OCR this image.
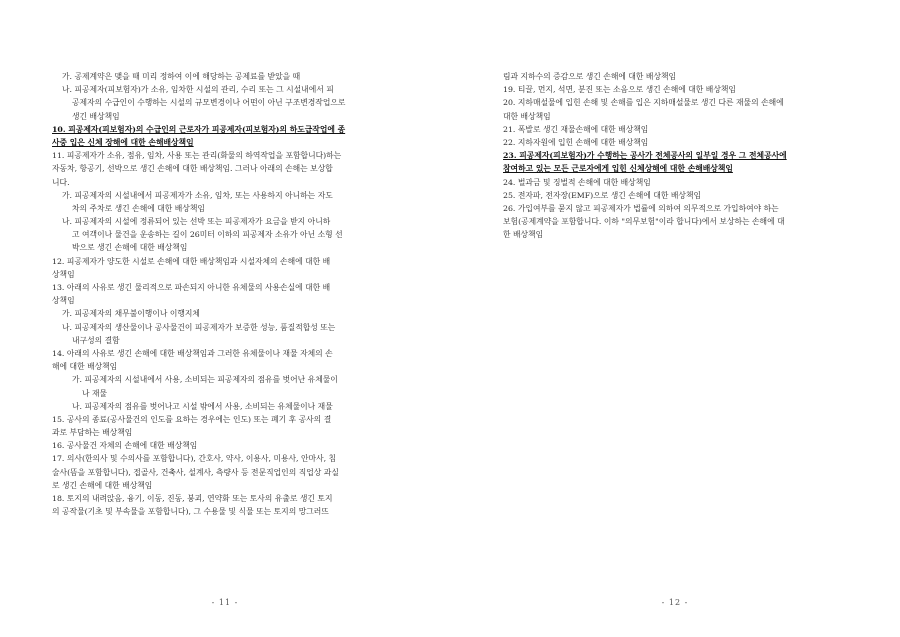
가. 공제계약은 맺을 때 미리 정하여 이에 해당하는 공제료를 받았을 때
나. 피공제자(피보험자)가 소유, 임차한 시설의 관리, 수리 또는 그 시설내에서 피
공제자의 수급인이 수행하는 시설의 규모변경이나 어떤이 아닌 구조변경작업으로
생긴 배상책임
10. 피공제자(피보험자)의 수급인의 근로자가 피공제자(피보험자)의 하도급작업에 종
사중 입은 신체 장해에 대한 손해배상책임
11. 피공제자가 소유, 점유, 임차, 사용 또는 관리(화물의 하역작업을 포함합니다)하는
자동차, 항공기, 선박으로 생긴 손해에 대한 배상책임. 그러나 아래의 손해는 보상합
니다.
가. 피공제자의 시설내에서 피공제자가 소유, 임차, 또는 사용하지 아니하는 자도
차의 주차로 생긴 손해에 대한 배상책임
나. 피공제자의 시설에 정류되어 있는 선박 또는 피공제자가 요금을 받지 아니하
고 여객이나 물건을 운송하는 길이 26미터 이하의 피공제자 소유가 아닌 소형 선
박으로 생긴 손해에 대한 배상책임
12. 피공제자가 양도한 시설로 손해에 대한 배상책임과 시설자체의 손해에 대한 배
상책임
13. 아래의 사유로 생긴 물리적으로 파손되지 아니한 유체물의 사용손실에 대한 배
상책임
가. 피공제자의 채무불이행이나 이행지체
나. 피공제자의 생산물이나 공사물건이 피공제자가 보증한 성능, 품질적합성 또는
내구성의 결함
14. 아래의 사유로 생긴 손해에 대한 배상책임과 그러한 유체물이나 재물 자체의 손
해에 대한 배상책임
가. 피공제자의 시설내에서 사용, 소비되는 피공제자의 점유를 벗어난 유체물이
나 재물
나. 피공제자의 점유를 벗어나고 시설 밖에서 사용, 소비되는 유체물이나 재물
15. 공사의 종료(공사물건의 인도를 요하는 경우에는 인도) 또는 폐기 후 공사의 결
과로 부담하는 배상책임
16. 공사물건 자체의 손해에 대한 배상책임
17. 의사(한의사 및 수의사를 포함합니다), 간호사, 약사, 이용사, 미용사, 안마사, 침
술사(뜸을 포함합니다), 접골사, 건축사, 설계사, 측량사 등 전문직업인의 직업상 과실
로 생긴 손해에 대한 배상책임
18. 토지의 내려앉음, 융기, 이동, 진동, 붕괴, 연약화 또는 토사의 유출로 생긴 토지
의 공작물(기초 및 부속물을 포함합니다), 그 수용물 및 식물 또는 토지의 망그러뜨
- 11 -
림과 지하수의 증감으로 생긴 손해에 대한 배상책임
19. 티끌, 먼지, 석면, 분진 또는 소음으로 생긴 손해에 대한 배상책임
20. 지하매설물에 입힌 손해 및 손해를 입은 지하매설물로 생긴 다른 재물의 손해에
대한 배상책임
21. 폭발로 생긴 재물손해에 대한 배상책임
22. 지하자원에 입힌 손해에 대한 배상책임
23. 피공제자(피보험자)가 수행하는 공사가 전체공사의 일부일 경우 그 전체공사에
참여하고 있는 모든 근로자에게 입힌 신체상해에 대한 손해배상책임
24. 벌과금 및 징벌적 손해에 대한 배상책임
25. 전자파, 전자장(EMF)으로 생긴 손해에 대한 배상책임
26. 가입여부를 묻지 않고 피공제자가 법률에 의하여 의무적으로 가입하여야 하는
보험(공제계약을 포함합니다. 이하 "의무보험"이라 합니다)에서 보상하는 손해에 대
한 배상책임
- 12 -
